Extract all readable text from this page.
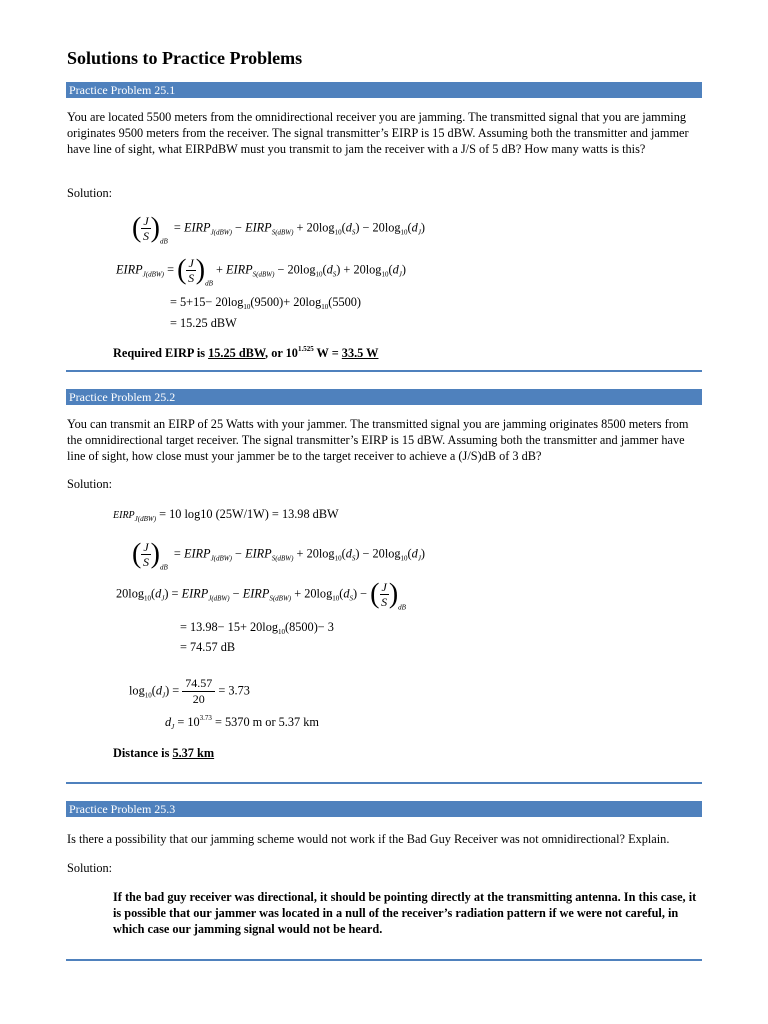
Solutions to Practice Problems
Practice Problem 25.1
You are located 5500 meters from the omnidirectional receiver you are jamming. The transmitted signal that you are jamming originates 9500 meters from the receiver. The signal transmitter’s EIRP is 15 dBW. Assuming both the transmitter and jammer have line of sight, what EIRPdBW must you transmit to jam the receiver with a J/S of 5 dB? How many watts is this?
Solution:
( $\frac{J}{S} )_{dB}$  = $EIRP_{J(dBW)}$ − $EIRP_{S(dBW)} + 20\log_{10}(d_S) - 20\log_{10}(d_J)$
$EIRP_{J(dBW)}$ = ( $\frac{J}{S} )_{dB}$ + $EIRP_{S(dBW)} - 20\log_{10}(d_S) + 20\log_{10}(d_J)$
= $5+15- 20\log_{10}(9500)+ 20\log_{10}(5500)$
= 15.25 dBW
Required EIRP is 15.25 dBW, or $10^{1.525}$ W = 33.5 W
Practice Problem 25.2
You can transmit an EIRP of 25 Watts with your jammer. The transmitted signal you are jamming originates 8500 meters from the omnidirectional target receiver. The signal transmitter’s EIRP is 15 dBW. Assuming both the transmitter and jammer have line of sight, how close must your jammer be to the target receiver to achieve a (J/S)dB of 3 dB?
Solution:
$EIRP_{J(dBW)} = 10$ log10 (25W/1W) = 13.98 dBW
( $\frac{J}{S} )_{dB}$  = $EIRP_{J(dBW)}$ − $EIRP_{S(dBW)} + 20\log_{10}(d_S) - 20\log_{10}(d_J)$
$20\log_{10}(d_J)$ = $EIRP_{J(dBW)}$ − $EIRP_{S(dBW)} + 20\log_{10}(d_S)$ − ( $\frac{J}{S} )_{dB}$
= $13.98- 15+ 20\log_{10}(8500)- 3$
= 74.57 dB
$\log_{10}(d_J) = \frac{74.57}{20} = 3.73$
$d_J = 10^{3.73} = 5370$ m or 5.37 km
Distance is 5.37 km
Practice Problem 25.3
Is there a possibility that our jamming scheme would not work if the Bad Guy Receiver was not omnidirectional? Explain.
Solution:
If the bad guy receiver was directional, it should be pointing directly at the transmitting antenna. In this case, it is possible that our jammer was located in a null of the receiver’s radiation pattern if we were not careful, in which case our jamming signal would not be heard.
